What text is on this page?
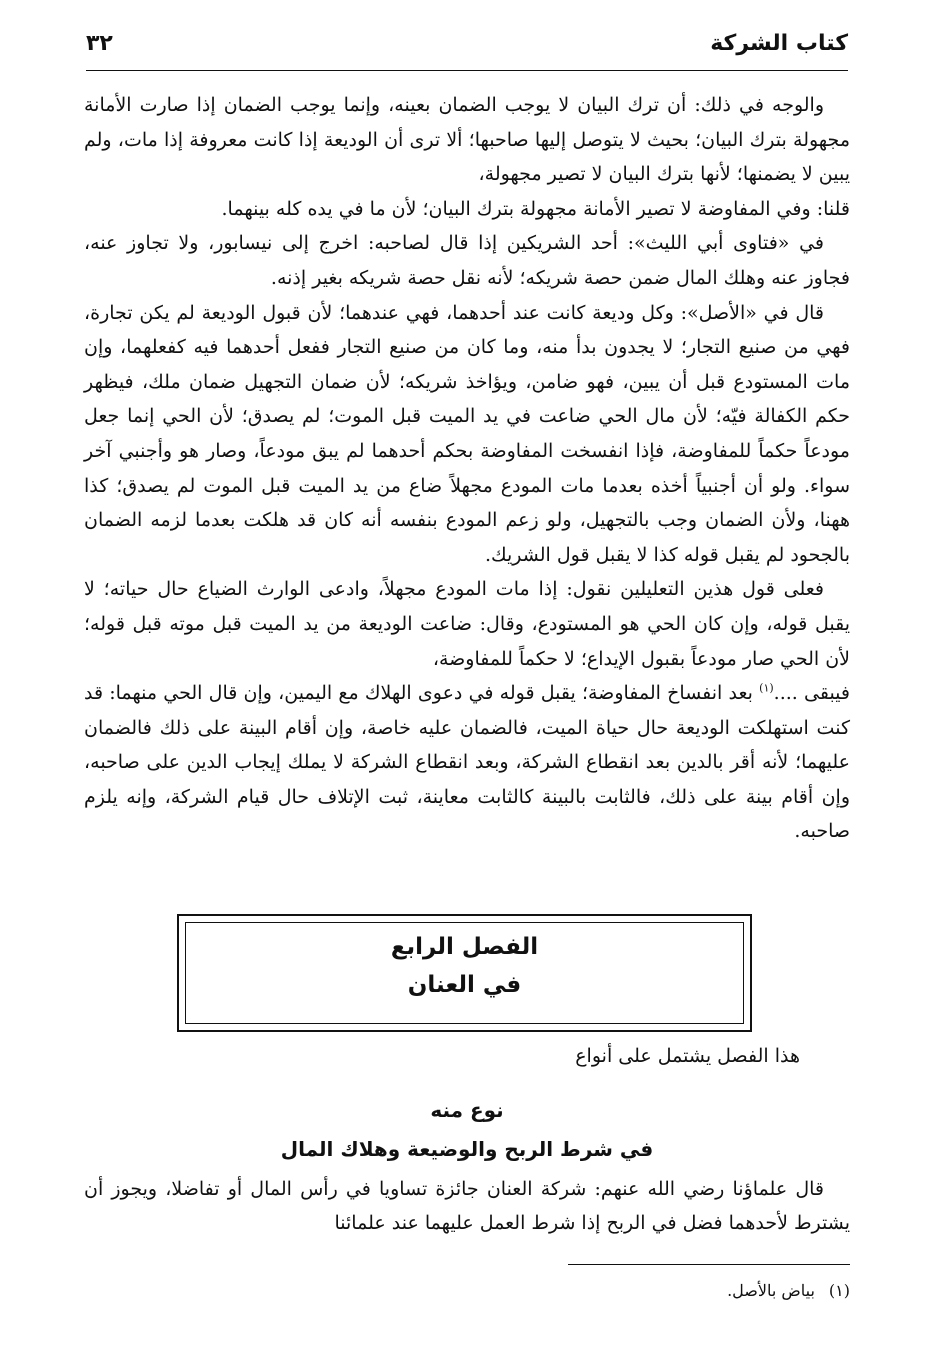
كتاب الشركة
٣٢

والوجه في ذلك: أن ترك البيان لا يوجب الضمان بعينه، وإنما يوجب الضمان إذا صارت الأمانة مجهولة بترك البيان؛ بحيث لا يتوصل إليها صاحبها؛ ألا ترى أن الوديعة إذا كانت معروفة إذا مات، ولم يبين لا يضمنها؛ لأنها بترك البيان لا تصير مجهولة،

قلنا: وفي المفاوضة لا تصير الأمانة مجهولة بترك البيان؛ لأن ما في يده كله بينهما.

في «فتاوى أبي الليث»: أحد الشريكين إذا قال لصاحبه: اخرج إلى نيسابور، ولا تجاوز عنه، فجاوز عنه وهلك المال ضمن حصة شريكه؛ لأنه نقل حصة شريكه بغير إذنه.

قال في «الأصل»: وكل وديعة كانت عند أحدهما، فهي عندهما؛ لأن قبول الوديعة لم يكن تجارة، فهي من صنيع التجار؛ لا يجدون بدأ منه، وما كان من صنيع التجار ففعل أحدهما فيه كفعلهما، وإن مات المستودع قبل أن يبين، فهو ضامن، ويؤاخذ شريكه؛ لأن ضمان التجهيل ضمان ملك، فيظهر حكم الكفالة فيّه؛ لأن مال الحي ضاعت في يد الميت قبل الموت؛ لم يصدق؛ لأن الحي إنما جعل مودعاً حكماً للمفاوضة، فإذا انفسخت المفاوضة بحكم أحدهما لم يبق مودعاً، وصار هو وأجنبي آخر سواء. ولو أن أجنبياً أخذه بعدما مات المودع مجهلاً ضاع من يد الميت قبل الموت لم يصدق؛ كذا ههنا، ولأن الضمان وجب بالتجهيل، ولو زعم المودع بنفسه أنه كان قد هلكت بعدما لزمه الضمان بالجحود لم يقبل قوله كذا لا يقبل قول الشريك.

فعلى قول هذين التعليلين نقول: إذا مات المودع مجهلاً، وادعى الوارث الضياع حال حياته؛ لا يقبل قوله، وإن كان الحي هو المستودع، وقال: ضاعت الوديعة من يد الميت قبل موته قبل قوله؛ لأن الحي صار مودعاً بقبول الإيداع؛ لا حكماً للمفاوضة،

فيبقى ....$^{(١)}$ بعد انفساخ المفاوضة؛ يقبل قوله في دعوى الهلاك مع اليمين، وإن قال الحي منهما: قد كنت استهلكت الوديعة حال حياة الميت، فالضمان عليه خاصة، وإن أقام البينة على ذلك فالضمان عليهما؛ لأنه أقر بالدين بعد انقطاع الشركة، وبعد انقطاع الشركة لا يملك إيجاب الدين على صاحبه، وإن أقام بينة على ذلك، فالثابت بالبينة كالثابت معاينة، ثبت الإتلاف حال قيام الشركة، وإنه يلزم صاحبه.

الفصل الرابع
في العنان
هذا الفصل يشتمل على أنواع
نوع منه
في شرط الربح والوضيعة وهلاك المال

قال علماؤنا رضي الله عنهم: شركة العنان جائزة تساويا في رأس المال أو تفاضلا، ويجوز أن يشترط لأحدهما فضل في الربح إذا شرط العمل عليهما عند علمائنا

(١)بياض بالأصل.
